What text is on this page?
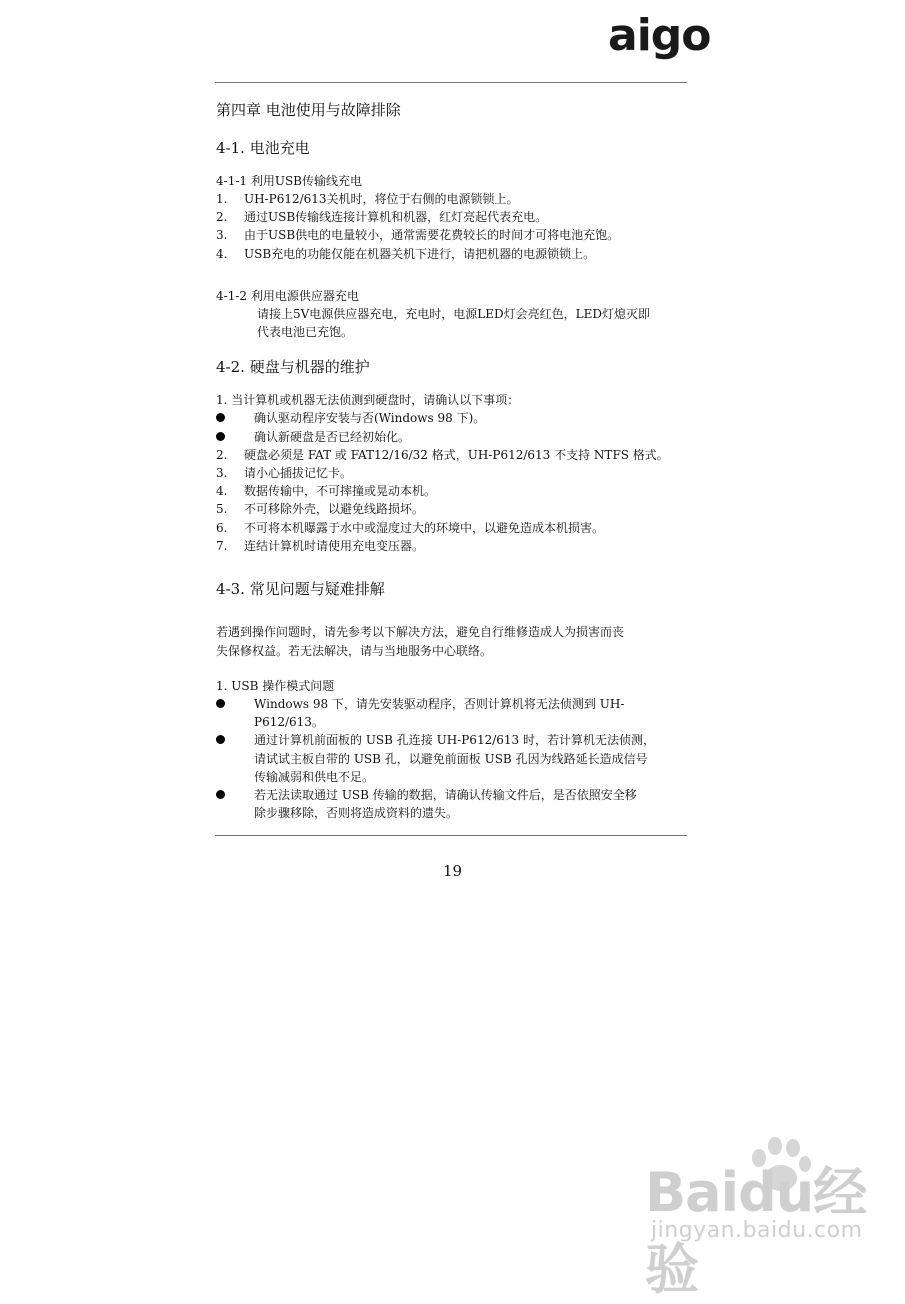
aigo
第四章 电池使用与故障排除
4-1. 电池充电
4-1-1 利用USB传输线充电
1. UH-P612/613关机时，将位于右侧的电源锁锁上。
2. 通过USB传输线连接计算机和机器，红灯亮起代表充电。
3. 由于USB供电的电量较小，通常需要花费较长的时间才可将电池充饱。
4. USB充电的功能仅能在机器关机下进行，请把机器的电源锁锁上。
4-1-2 利用电源供应器充电
请接上5V电源供应器充电，充电时，电源LED灯会亮红色，LED灯熄灭即
代表电池已充饱。
4-2. 硬盘与机器的维护
1. 当计算机或机器无法侦测到硬盘时，请确认以下事项：
确认驱动程序安装与否(Windows 98 下)。
确认新硬盘是否已经初始化。
2. 硬盘必须是 FAT 或 FAT12/16/32 格式，UH-P612/613 不支持 NTFS 格式。
3. 请小心插拔记忆卡。
4. 数据传输中，不可摔撞或晃动本机。
5. 不可移除外壳，以避免线路损坏。
6. 不可将本机曝露于水中或湿度过大的环境中，以避免造成本机损害。
7. 连结计算机时请使用充电变压器。
4-3. 常见问题与疑难排解
若遇到操作问题时，请先参考以下解决方法，避免自行维修造成人为损害而丧
失保修权益。若无法解决，请与当地服务中心联络。
1. USB 操作模式问题
Windows 98 下，请先安装驱动程序，否则计算机将无法侦测到 UH-
P612/613。
通过计算机前面板的 USB 孔连接 UH-P612/613 时，若计算机无法侦测，
请试试主板自带的 USB 孔，以避免前面板 USB 孔因为线路延长造成信号
传输减弱和供电不足。
若无法读取通过 USB 传输的数据，请确认传输文件后，是否依照安全移
除步骤移除，否则将造成资料的遗失。
19
Baidu经验
jingyan.baidu.com
